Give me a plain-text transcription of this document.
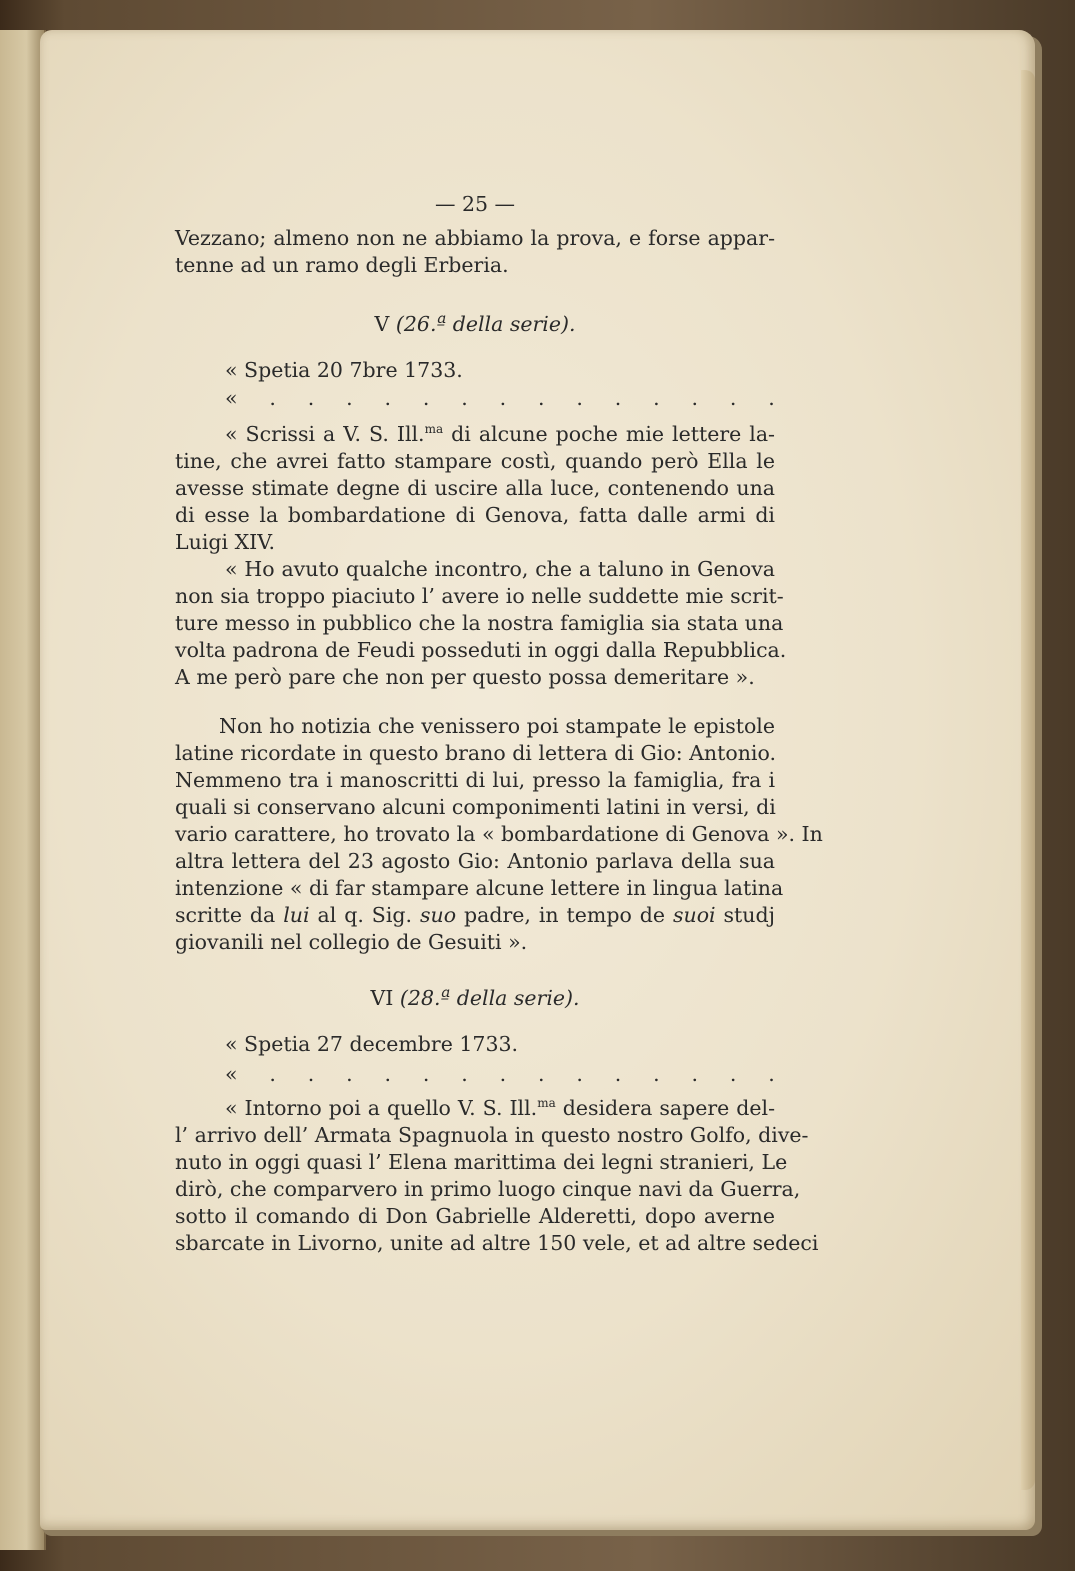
— 25 —
Vezzano; almeno non ne abbiamo la prova, e forse appar-
tenne ad un ramo degli Erberia.
V (26.ª della serie).
« Spetia 20 7bre 1733.
« . . . . . . . . . . . . . .
« Scrissi a V. S. Ill.$^{ma}$ di alcune poche mie lettere la-
tine, che avrei fatto stampare costì, quando però Ella le
avesse stimate degne di uscire alla luce, contenendo una
di esse la bombardatione di Genova, fatta dalle armi di
Luigi XIV.
« Ho avuto qualche incontro, che a taluno in Genova
non sia troppo piaciuto l’ avere io nelle suddette mie scrit-
ture messo in pubblico che la nostra famiglia sia stata una
volta padrona de Feudi posseduti in oggi dalla Repubblica.
A me però pare che non per questo possa demeritare ».
Non ho notizia che venissero poi stampate le epistole
latine ricordate in questo brano di lettera di Gio: Antonio.
Nemmeno tra i manoscritti di lui, presso la famiglia, fra i
quali si conservano alcuni componimenti latini in versi, di
vario carattere, ho trovato la « bombardatione di Genova ». In
altra lettera del 23 agosto Gio: Antonio parlava della sua
intenzione « di far stampare alcune lettere in lingua latina
scritte da lui al q. Sig. suo padre, in tempo de suoi studj
giovanili nel collegio de Gesuiti ».
VI (28.ª della serie).
« Spetia 27 decembre 1733.
« . . . . . . . . . . . . . .
« Intorno poi a quello V. S. Ill.$^{ma}$ desidera sapere del-
l’ arrivo dell’ Armata Spagnuola in questo nostro Golfo, dive-
nuto in oggi quasi l’ Elena marittima dei legni stranieri, Le
dirò, che comparvero in primo luogo cinque navi da Guerra,
sotto il comando di Don Gabrielle Alderetti, dopo averne
sbarcate in Livorno, unite ad altre 150 vele, et ad altre sedeci
